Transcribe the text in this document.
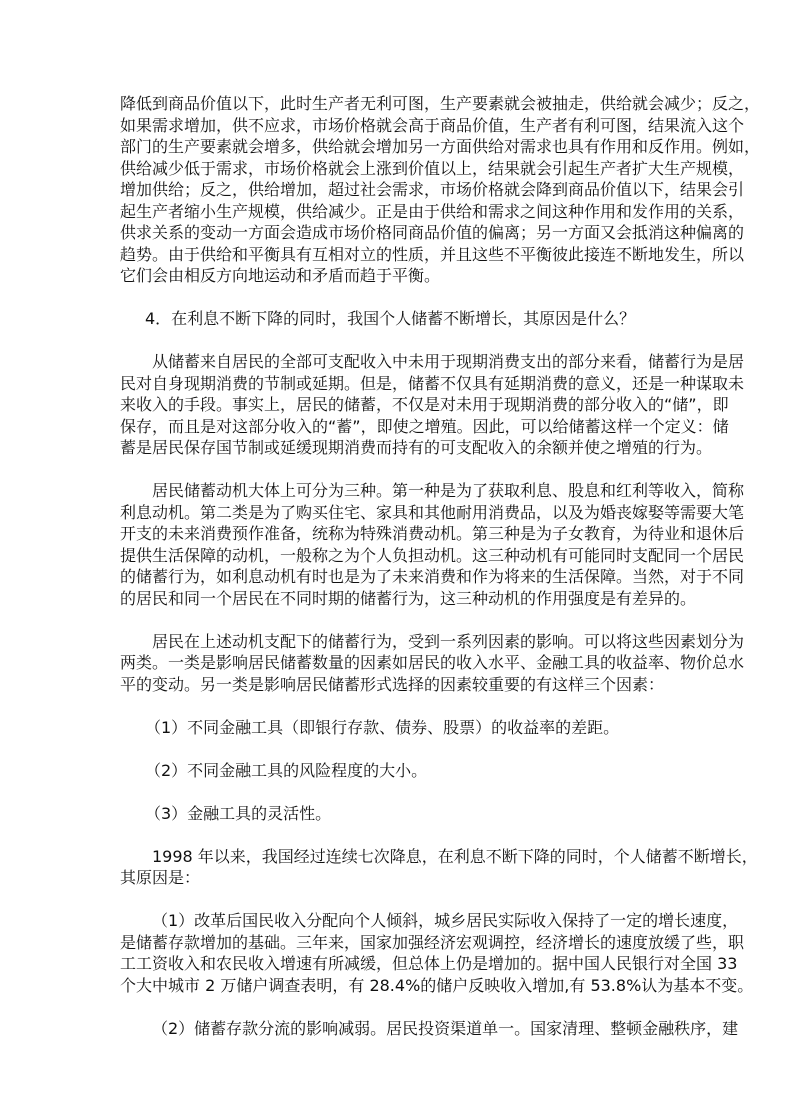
降低到商品价值以下，此时生产者无利可图，生产要素就会被抽走，供给就会减少；反之，
如果需求增加，供不应求，市场价格就会高于商品价值，生产者有利可图，结果流入这个
部门的生产要素就会增多，供给就会增加另一方面供给对需求也具有作用和反作用。例如，
供给减少低于需求，市场价格就会上涨到价值以上，结果就会引起生产者扩大生产规模，
增加供给；反之，供给增加，超过社会需求，市场价格就会降到商品价值以下，结果会引
起生产者缩小生产规模，供给减少。正是由于供给和需求之间这种作用和发作用的关系，
供求关系的变动一方面会造成市场价格同商品价值的偏离；另一方面又会抵消这种偏离的
趋势。由于供给和平衡具有互相对立的性质，并且这些不平衡彼此接连不断地发生，所以
它们会由相反方向地运动和矛盾而趋于平衡。
4．在利息不断下降的同时，我国个人储蓄不断增长，其原因是什么？
从储蓄来自居民的全部可支配收入中未用于现期消费支出的部分来看，储蓄行为是居
民对自身现期消费的节制或延期。但是，储蓄不仅具有延期消费的意义，还是一种谋取未
来收入的手段。事实上，居民的储蓄，不仅是对未用于现期消费的部分收入的“储”，即
保存，而且是对这部分收入的“蓄”，即使之增殖。因此，可以给储蓄这样一个定义：储
蓄是居民保存国节制或延缓现期消费而持有的可支配收入的余额并使之增殖的行为。
居民储蓄动机大体上可分为三种。第一种是为了获取利息、股息和红利等收入，简称
利息动机。第二类是为了购买住宅、家具和其他耐用消费品，以及为婚丧嫁娶等需要大笔
开支的未来消费预作准备，统称为特殊消费动机。第三种是为子女教育，为待业和退休后
提供生活保障的动机，一般称之为个人负担动机。这三种动机有可能同时支配同一个居民
的储蓄行为，如利息动机有时也是为了未来消费和作为将来的生活保障。当然，对于不同
的居民和同一个居民在不同时期的储蓄行为，这三种动机的作用强度是有差异的。
居民在上述动机支配下的储蓄行为，受到一系列因素的影响。可以将这些因素划分为
两类。一类是影响居民储蓄数量的因素如居民的收入水平、金融工具的收益率、物价总水
平的变动。另一类是影响居民储蓄形式选择的因素较重要的有这样三个因素：
（1）不同金融工具（即银行存款、债券、股票）的收益率的差距。
（2）不同金融工具的风险程度的大小。
（3）金融工具的灵活性。
1998 年以来，我国经过连续七次降息，在利息不断下降的同时，个人储蓄不断增长，
其原因是：
（1）改革后国民收入分配向个人倾斜，城乡居民实际收入保持了一定的增长速度，
是储蓄存款增加的基础。三年来，国家加强经济宏观调控，经济增长的速度放缓了些，职
工工资收入和农民收入增速有所减缓，但总体上仍是增加的。据中国人民银行对全国 33
个大中城市 2 万储户调查表明，有 28.4%的储户反映收入增加,有 53.8%认为基本不变。
（2）储蓄存款分流的影响减弱。居民投资渠道单一。国家清理、整顿金融秩序，建
